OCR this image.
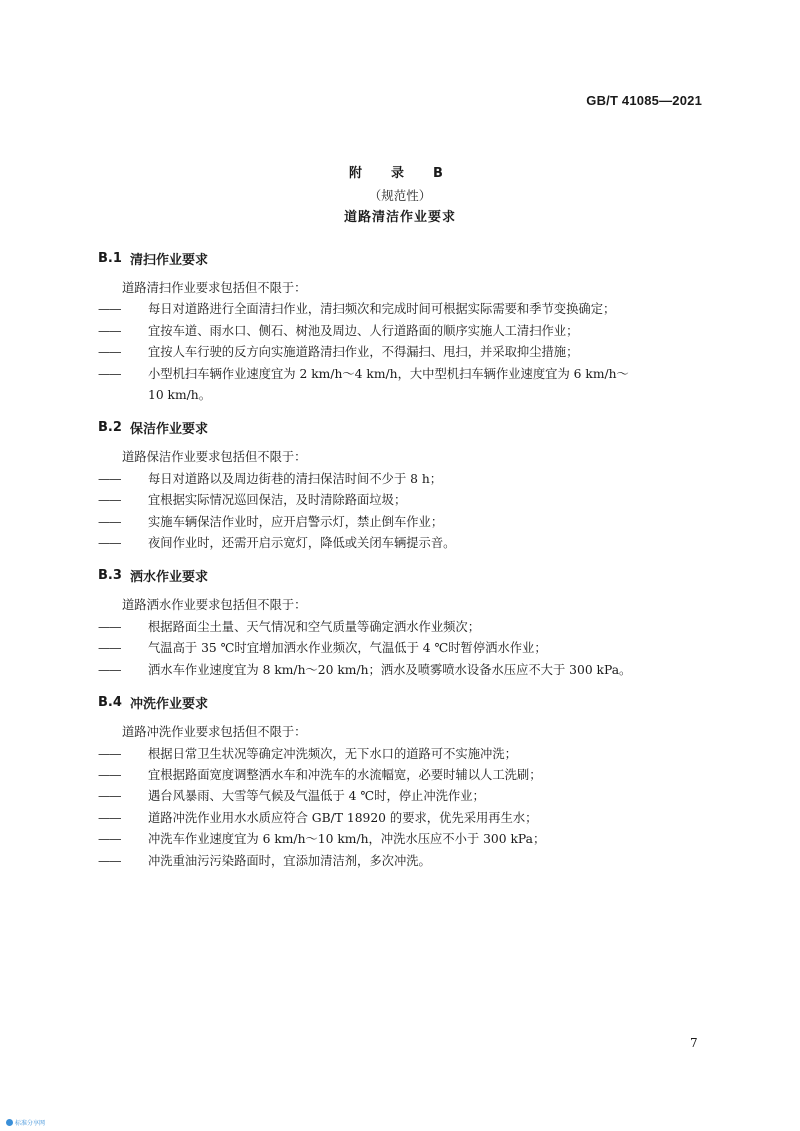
GB/T 41085—2021
附　录　B
（规范性）
道路清洁作业要求
B.1 清扫作业要求
道路清扫作业要求包括但不限于：
——	每日对道路进行全面清扫作业，清扫频次和完成时间可根据实际需要和季节变换确定；
——	宜按车道、雨水口、侧石、树池及周边、人行道路面的顺序实施人工清扫作业；
——	宜按人车行驶的反方向实施道路清扫作业，不得漏扫、甩扫，并采取抑尘措施；
——	小型机扫车辆作业速度宜为 2 km/h～4 km/h，大中型机扫车辆作业速度宜为 6 km/h～
10 km/h。
B.2 保洁作业要求
道路保洁作业要求包括但不限于：
——	每日对道路以及周边街巷的清扫保洁时间不少于 8 h；
——	宜根据实际情况巡回保洁，及时清除路面垃圾；
——	实施车辆保洁作业时，应开启警示灯，禁止倒车作业；
——	夜间作业时，还需开启示宽灯，降低或关闭车辆提示音。
B.3 洒水作业要求
道路洒水作业要求包括但不限于：
——	根据路面尘土量、天气情况和空气质量等确定洒水作业频次；
——	气温高于 35 ℃时宜增加洒水作业频次，气温低于 4 ℃时暂停洒水作业；
——	洒水车作业速度宜为 8 km/h～20 km/h；洒水及喷雾喷水设备水压应不大于 300 kPa。
B.4 冲洗作业要求
道路冲洗作业要求包括但不限于：
——	根据日常卫生状况等确定冲洗频次，无下水口的道路可不实施冲洗；
——	宜根据路面宽度调整洒水车和冲洗车的水流幅宽，必要时辅以人工洗刷；
——	遇台风暴雨、大雪等气候及气温低于 4 ℃时，停止冲洗作业；
——	道路冲洗作业用水水质应符合 GB/T 18920 的要求，优先采用再生水；
——	冲洗车作业速度宜为 6 km/h～10 km/h，冲洗水压应不小于 300 kPa；
——	冲洗重油污污染路面时，宜添加清洁剂，多次冲洗。
7
标准分享网
